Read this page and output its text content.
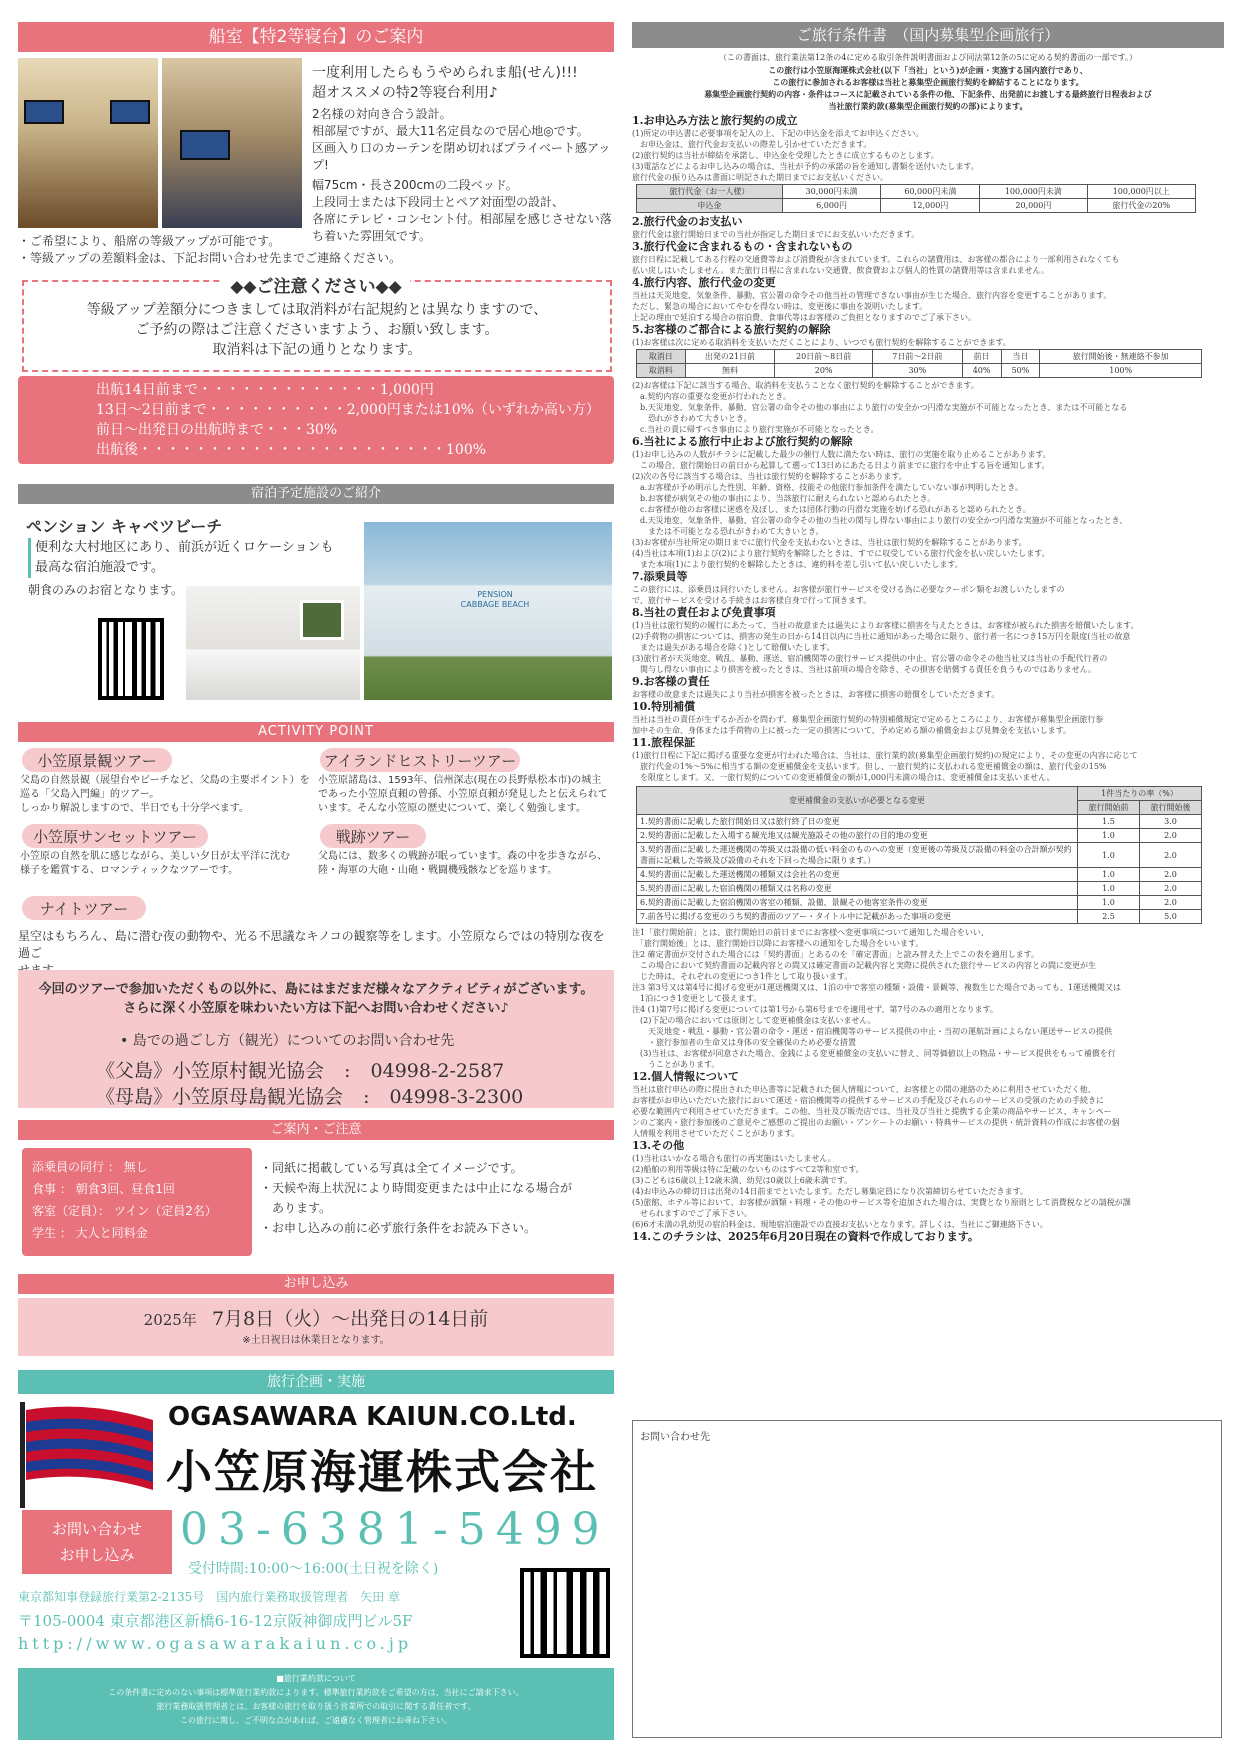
船室【特2等寝台】のご案内
一度利用したらもうやめられま船(せん)!!!
超オススメの特2等寝台利用♪
2名様の対向き合う設計。
相部屋ですが、最大11名定員なので居心地◎です。
区画入り口のカーテンを閉め切ればプライベート感アップ!
幅75cm・長さ200cmの二段ベッド。
上段同士または下段同士とペア対面型の設計、
各席にテレビ・コンセント付。相部屋を感じさせない落ち着いた雰囲気です。
・ご希望により、船席の等級アップが可能です。
・等級アップの差額料金は、下記お問い合わせ先までご連絡ください。
◆◆ご注意ください◆◆
等級アップ差額分につきましては取消料が右記規約とは異なりますので、
ご予約の際はご注意くださいますよう、お願い致します。
取消料は下記の通りとなります。
出航14日前まで・・・・・・・・・・・・・1,000円
13日～2日前まで・・・・・・・・・・2,000円または10%（いずれか高い方）
前日～出発日の出航時まで・・・30%
出航後・・・・・・・・・・・・・・・・・・・・・・100%
宿泊予定施設のご紹介
ペンション キャベツビーチ
便利な大村地区にあり、前浜が近くロケーションも
最高な宿泊施設です。
朝食のみのお宿となります。	PENSION
CABBAGE BEACH
ACTIVITY POINT
小笠原景観ツアー
父島の自然景観（展望台やビーチなど、父島の主要ポイント）を
巡る「父島入門編」的ツアー。
しっかり解説しますので、半日でも十分学べます。
アイランドヒストリーツアー
小笠原諸島は、1593年、信州深志(現在の長野県松本市)の城主
であった小笠原貞頼の曾孫、小笠原貞頼が発見したと伝えられて
います。そんな小笠原の歴史について、楽しく勉強します。
小笠原サンセットツアー
小笠原の自然を肌に感じながら、美しい夕日が太平洋に沈む
様子を鑑賞する、ロマンティックなツアーです。
戦跡ツアー
父島には、数多くの戦跡が眠っています。森の中を歩きながら、
陸・海軍の大砲・山砲・戦闘機残骸などを巡ります。
ナイトツアー
星空はもちろん、島に潜む夜の動物や、光る不思議なキノコの観察等をします。小笠原ならではの特別な夜を過ご
今回のツアーで参加いただくもの以外に、島にはまだまだ様々なアクティビティがございます。
さらに深く小笠原を味わいたい方は下記へお問い合わせください♪
• 島での過ごし方（観光）についてのお問い合わせ先
《父島》小笠原村観光協会 : 04998-2-2587
《母島》小笠原母島観光協会 : 04998-3-2300
ご案内・ご注意
添乗員の同行 ： 無し
食事 ： 朝食3回、昼食1回
客室（定員）： ツイン（定員2名）
学生 ： 大人と同料金
・同紙に掲載している写真は全てイメージです。
・天候や海上状況により時間変更または中止になる場合が
　あります。
・お申し込みの前に必ず旅行条件をお読み下さい。
お申し込み
2025年 7月8日（火）～出発日の14日前
※土日祝日は休業日となります。
旅行企画・実施
OGASAWARA KAIUN.CO.Ltd.
小笠原海運株式会社
お問い合わせ
お申し込み	03-6381-5499
受付時間:10:00～16:00(土日祝を除く)
東京都知事登録旅行業第2-2135号　国内旅行業務取扱管理者　矢田 章
〒105-0004 東京都港区新橋6-16-12京阪神御成門ビル5F
http://www.ogasawarakaiun.co.jp
■旅行業約款について
この条件書に定めのない事項は標準旅行業約款によります。標準旅行業約款をご希望の方は、当社にご請求下さい。
旅行業務取扱管理者とは、お客様の旅行を取り扱う営業所での取引に関する責任者です。
この旅行に関し、ご不明な点があれば、ご遠慮なく管理者にお尋ね下さい。
ご旅行条件書　（国内募集型企画旅行）
（この書面は、旅行業法第12条の4に定める取引条件説明書面および同法第12条の5に定める契約書面の一部です。）
この旅行は小笠原海運株式会社(以下「当社」という)が企画・実施する国内旅行であり、
この旅行に参加されるお客様は当社と募集型企画旅行契約を締結することになります。
募集型企画旅行契約の内容・条件はコースに記載されている条件の他、下記条件、出発前にお渡しする最終旅行日程表および
当社旅行業約款(募集型企画旅行契約の部)によります。
1.お申込み方法と旅行契約の成立
(1)所定の申込書に必要事項を記入の上、下記の申込金を添えてお申込ください。
　お申込金は、旅行代金お支払いの際差し引かせていただきます。
(2)旅行契約は当社が締結を承諾し、申込金を受理したときに成立するものとします。
(3)電話などによるお申し込みの場合は、当社が予約の承諾の旨を通知し書類を送付いたします。
旅行代金の振り込みは書面に明記された期日までにお支払いください。
旅行代金（お一人様）	30,000円未満	60,000円未満	100,000円未満	100,000円以上
申込金	6,000円	12,000円	20,000円	旅行代金の20%
2.旅行代金のお支払い
旅行代金は旅行開始日までの当社が指定した期日までにお支払いいただきます。
3.旅行代金に含まれるもの・含まれないもの
旅行日程に記載してある行程の交通費等および消費税が含まれています。これらの諸費用は、お客様の都合により一部利用されなくても
払い戻しはいたしません。また旅行日程に含まれない交通費、飲食費および個人的性質の諸費用等は含まれません。
4.旅行内容、旅行代金の変更
当社は天災地変、気象条件、暴動、官公署の命令その他当社の管理できない事由が生じた場合、旅行内容を変更することがあります。
ただし、緊急の場合においてやむを得ない時は、変更後に事由を説明いたします。
上記の理由で延泊する場合の宿泊費、食事代等はお客様のご負担となりますのでご了承下さい。
5.お客様のご都合による旅行契約の解除
(1)お客様は次に定める取消料を支払いただくことにより、いつでも旅行契約を解除することができます。
取消日	出発の21日前	20日前～8日前	7日前～2日前	前日	当日	旅行開始後・無連絡不参加
取消料	無料	20%	30%	40%	50%	100%
(2)お客様は下記に該当する場合、取消料を支払うことなく旅行契約を解除することができます。
　a.契約内容の重要な変更が行われたとき。
　b.天災地変、気象条件、暴動、官公署の命令その他の事由により旅行の安全かつ円滑な実施が不可能となったとき、または不可能となる
　　恐れがきわめて大きいとき。
　c.当社の責に帰すべき事由により旅行実施が不可能となったとき。
6.当社による旅行中止および旅行契約の解除
(1)お申し込みの人数がチラシに記載した最少の催行人数に満たない時は、旅行の実施を取り止めることがあります。
　この場合、旅行開始日の前日から起算して遡って13日めにあたる日より前までに旅行を中止する旨を通知します。
(2)次の各号に該当する場合は、当社は旅行契約を解除することがあります。
　a.お客様が予め明示した性別、年齢、資格、技能その他旅行参加条件を満たしていない事が判明したとき。
　b.お客様が病気その他の事由により、当該旅行に耐えられないと認められたとき。
　c.お客様が他のお客様に迷惑を及ぼし、または団体行動の円滑な実施を妨げる恐れがあると認められたとき。
　d.天災地変、気象条件、暴動、官公署の命令その他の当社の関与し得ない事由により旅行の安全かつ円滑な実施が不可能となったとき、
　　または不可能となる恐れがきわめて大きいとき。
(3)お客様が当社所定の期日までに旅行代金を支払わないときは、当社は旅行契約を解除することがあります。
(4)当社は本項(1)および(2)により旅行契約を解除したときは、すでに収受している旅行代金を払い戻しいたします。
　また本項(1)により旅行契約を解除したときは、違約料を差し引いて払い戻しいたします。
7.添乗員等
この旅行には、添乗員は同行いたしません。お客様が旅行サービスを受ける為に必要なクーポン類をお渡しいたしますの
で、旅行サービスを受ける手続きはお客様自身で行って頂きます。
8.当社の責任および免責事項
(1)当社は旅行契約の履行にあたって、当社の故意または過失によりお客様に損害を与えたときは、お客様が被られた損害を賠償いたします。
(2)手荷物の損害については、損害の発生の日から14日以内に当社に通知があった場合に限り、旅行者一名につき15万円を限度(当社の故意
　または過失がある場合を除く)として賠償いたします。
(3)旅行者が天災地変、戦乱、暴動、運送、宿泊機関等の旅行サービス提供の中止、官公署の命令その他当社又は当社の手配代行者の
　関与し得ない事由により損害を被ったときは、当社は前項の場合を除き、その損害を賠償する責任を負うものではありません。
9.お客様の責任
お客様の故意または過失により当社が損害を被ったときは、お客様に損害の賠償をしていただきます。
10.特別補償
当社は当社の責任が生ずるか否かを問わず、募集型企画旅行契約の特別補償規定で定めるところにより、お客様が募集型企画旅行参
加中その生命、身体または手荷物の上に被った一定の損害について、予め定める額の補償金および見舞金を支払いします。
11.旅程保証
(1)旅行日程に下記に掲げる重要な変更が行われた場合は、当社は、旅行業約款(募集型企画旅行契約)の規定により、その変更の内容に応じて
　旅行代金の1%～5%に相当する額の変更補償金を支払います。但し、一旅行契約に支払われる変更補償金の額は、旅行代金の15%
　を限度とします。又、一旅行契約についての変更補償金の額が1,000円未満の場合は、変更補償金は支払いません。
変更補償金の支払いが必要となる変更	1件当たりの率（%）	
	旅行開始前	旅行開始後
1.契約書面に記載した旅行開始日又は旅行終了日の変更	1.5	3.0
2.契約書面に記載した入場する観光地又は観光施設その他の旅行の目的地の変更	1.0	2.0
3.契約書面に記載した運送機関の等級又は設備の低い料金のものへの変更（変更後の等級及び設備の料金の合計額が契約書面に記載した等級及び設備のそれを下回った場合に限ります。）	1.0	2.0
4.契約書面に記載した運送機関の種類又は会社名の変更	1.0	2.0
5.契約書面に記載した宿泊機関の種類又は名称の変更	1.0	2.0
6.契約書面に記載した宿泊機関の客室の種類、設備、景観その他客室条件の変更	1.0	2.0
7.前各号に掲げる変更のうち契約書面のツアー・タイトル中に記載があった事項の変更	2.5	5.0
注1「旅行開始前」とは、旅行開始日の前日までにお客様へ変更事項について通知した場合をいい、
　「旅行開始後」とは、旅行開始日以降にお客様への通知をした場合をいいます。
注2 確定書面が交付された場合には「契約書面」とあるのを「確定書面」と読み替えた上でこの表を適用します。
　この場合において契約書面の記載内容との間又は確定書面の記載内容と実際に提供された旅行サービスの内容との間に変更が生
　じた時は、それぞれの変更につき1件として取り扱います。
注3 第3号又は第4号に掲げる変更が1運送機関又は、1泊の中で客室の種類・設備・景観等、複数生じた場合であっても、1運送機関又は
　1泊につき1変更として扱えます。
注4 (1)第7号に掲げる変更については第1号から第6号までを適用せず、第7号のみの適用となります。
　(2)下記の場合においては原則として変更補償金は支払いません。
　　天災地変・戦乱・暴動・官公署の命令・運送・宿泊機関等のサービス提供の中止・当初の運航計画によらない運送サービスの提供
　　・旅行参加者の生命又は身体の安全確保のため必要な措置
　(3)当社は、お客様が同意された場合、金銭による変更補償金の支払いに替え、同等価値以上の物品・サービス提供をもって補償を行
　　うことがあります。
12.個人情報について
当社は旅行申込の際に提出された申込書等に記載された個人情報について、お客様との間の連絡のために利用させていただく他、
お客様がお申込いただいた旅行において運送・宿泊機関等の提供するサービスの手配及びそれらのサービスの受領のための手続きに
必要な範囲内で利用させていただきます。この他、当社及び販売店では、当社及び当社と提携する企業の商品やサービス、キャンペー
ンのご案内・旅行参加後のご意見やご感想のご提出のお願い・アンケートのお願い・特典サービスの提供・統計資料の作成にお客様の個
人情報を利用させていただくことがあります。
13.その他
(1)当社はいかなる場合も旅行の再実施はいたしません。
(2)船舶の利用等級は特に記載のないものはすべて2等和室です。
(3)こどもは6歳以上12歳未満、幼児は0歳以上6歳未満です。
(4)お申込みの締切日は出発の14日前までといたします。ただし募集定員になり次第締切らせていただきます。
(5)旅館、ホテル等において、お客様が酒類・料理・その他のサービス等を追加された場合は、実費となり原則として消費税などの請税が課
　せられますのでご了承下さい。
(6)6才未満の乳幼児の宿泊料金は、現地宿泊施設での直接お支払いとなります。詳しくは、当社にご御連絡下さい。
14.このチラシは、2025年6月20日現在の資料で作成しております。
お問い合わせ先
